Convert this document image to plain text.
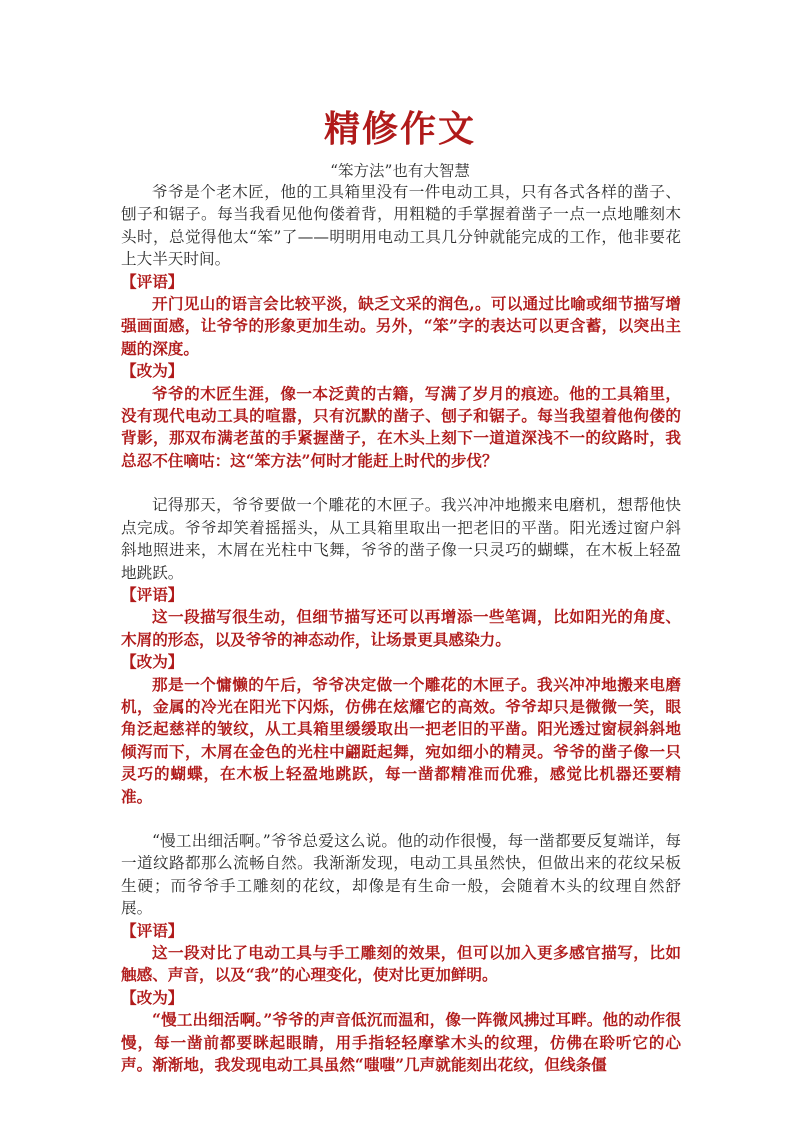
精修作文
“笨方法”也有大智慧

爷爷是个老木匠，他的工具箱里没有一件电动工具，只有各式各样的凿子、刨子和锯子。每当我看见他佝偻着背，用粗糙的手掌握着凿子一点一点地雕刻木头时，总觉得他太“笨”了——明明用电动工具几分钟就能完成的工作，他非要花上大半天时间。

【评语】

开门见山的语言会比较平淡，缺乏文采的润色,。可以通过比喻或细节描写增强画面感，让爷爷的形象更加生动。另外，“笨”字的表达可以更含蓄，以突出主题的深度。

【改为】

爷爷的木匠生涯，像一本泛黄的古籍，写满了岁月的痕迹。他的工具箱里，没有现代电动工具的喧嚣，只有沉默的凿子、刨子和锯子。每当我望着他佝偻的背影，那双布满老茧的手紧握凿子，在木头上刻下一道道深浅不一的纹路时，我总忍不住嘀咕：这“笨方法”何时才能赶上时代的步伐？

记得那天，爷爷要做一个雕花的木匣子。我兴冲冲地搬来电磨机，想帮他快点完成。爷爷却笑着摇摇头，从工具箱里取出一把老旧的平凿。阳光透过窗户斜斜地照进来，木屑在光柱中飞舞，爷爷的凿子像一只灵巧的蝴蝶，在木板上轻盈地跳跃。

【评语】

这一段描写很生动，但细节描写还可以再增添一些笔调，比如阳光的角度、木屑的形态，以及爷爷的神态动作，让场景更具感染力。

【改为】

那是一个慵懒的午后，爷爷决定做一个雕花的木匣子。我兴冲冲地搬来电磨机，金属的冷光在阳光下闪烁，仿佛在炫耀它的高效。爷爷却只是微微一笑，眼角泛起慈祥的皱纹，从工具箱里缓缓取出一把老旧的平凿。阳光透过窗棂斜斜地倾泻而下，木屑在金色的光柱中翩跹起舞，宛如细小的精灵。爷爷的凿子像一只灵巧的蝴蝶，在木板上轻盈地跳跃，每一凿都精准而优雅，感觉比机器还要精准。

“慢工出细活啊。”爷爷总爱这么说。他的动作很慢，每一凿都要反复端详，每一道纹路都那么流畅自然。我渐渐发现，电动工具虽然快，但做出来的花纹呆板生硬；而爷爷手工雕刻的花纹，却像是有生命一般，会随着木头的纹理自然舒展。

【评语】

这一段对比了电动工具与手工雕刻的效果，但可以加入更多感官描写，比如触感、声音，以及“我”的心理变化，使对比更加鲜明。

【改为】

“慢工出细活啊。”爷爷的声音低沉而温和，像一阵微风拂过耳畔。他的动作很慢，每一凿前都要眯起眼睛，用手指轻轻摩挲木头的纹理，仿佛在聆听它的心声。渐渐地，我发现电动工具虽然“嗤嗤”几声就能刻出花纹，但线条僵
